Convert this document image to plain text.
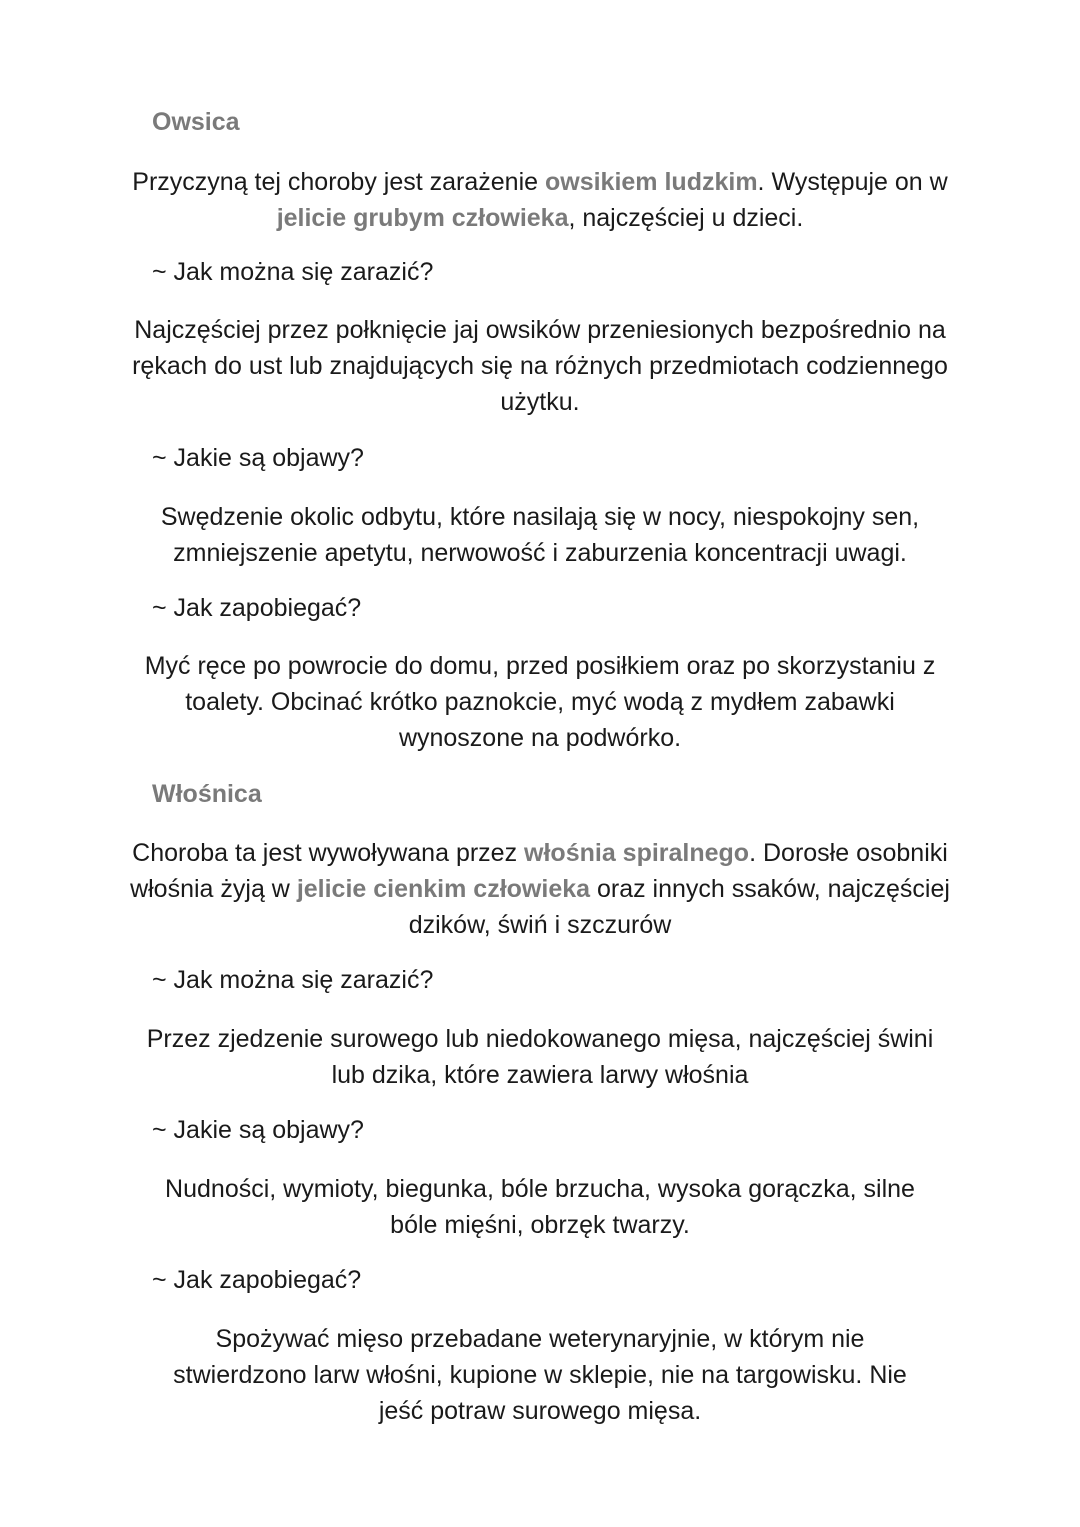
Owsica

Przyczyną tej choroby jest zarażenie owsikiem ludzkim. Występuje on w
jelicie grubym człowieka, najczęściej u dzieci.

~ Jak można się zarazić?

Najczęściej przez połknięcie jaj owsików przeniesionych bezpośrednio na
rękach do ust lub znajdujących się na różnych przedmiotach codziennego
użytku.

~ Jakie są objawy?

Swędzenie okolic odbytu, które nasilają się w nocy, niespokojny sen,
zmniejszenie apetytu, nerwowość i zaburzenia koncentracji uwagi.

~ Jak zapobiegać?

Myć ręce po powrocie do domu, przed posiłkiem oraz po skorzystaniu z
toalety. Obcinać krótko paznokcie, myć wodą z mydłem zabawki
wynoszone na podwórko.

Włośnica

Choroba ta jest wywoływana przez włośnia spiralnego. Dorosłe osobniki
włośnia żyją w jelicie cienkim człowieka oraz innych ssaków, najczęściej
dzików, świń i szczurów

~ Jak można się zarazić?

Przez zjedzenie surowego lub niedokowanego mięsa, najczęściej świni
lub dzika, które zawiera larwy włośnia

~ Jakie są objawy?

Nudności, wymioty, biegunka, bóle brzucha, wysoka gorączka, silne
bóle mięśni, obrzęk twarzy.

~ Jak zapobiegać?

Spożywać mięso przebadane weterynaryjnie, w którym nie
stwierdzono larw włośni, kupione w sklepie, nie na targowisku. Nie
jeść potraw surowego mięsa.
